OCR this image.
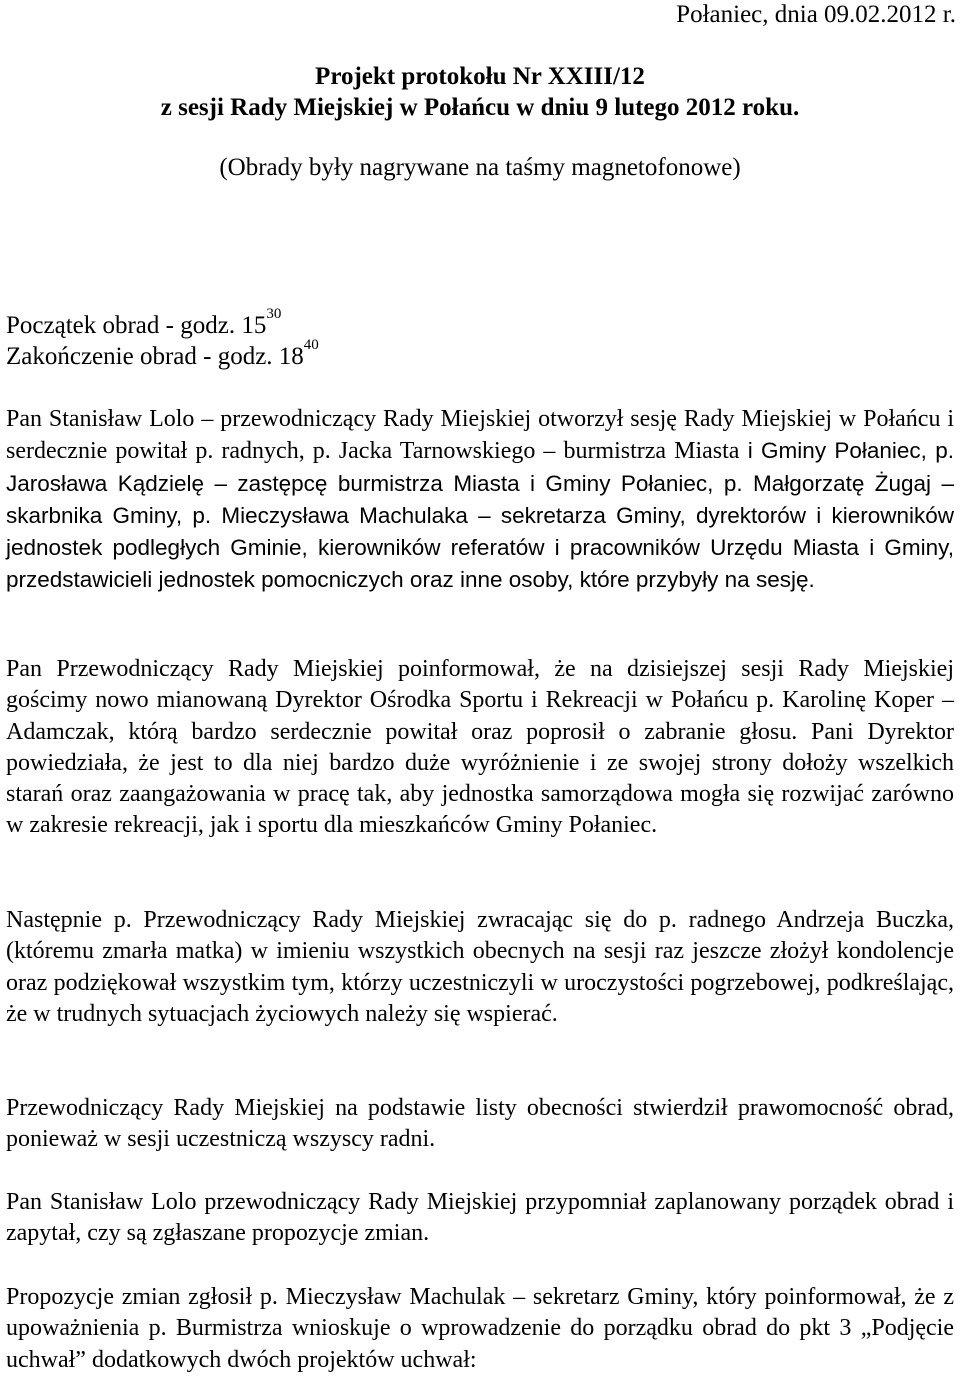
Połaniec, dnia 09.02.2012 r.
Projekt protokołu Nr XXIII/12
z sesji Rady Miejskiej w Połańcu w dniu 9 lutego 2012 roku.
(Obrady były nagrywane na taśmy magnetofonowe)
Początek obrad - godz. $15^{30}$
Zakończenie obrad - godz. $18^{40}$
Pan Stanisław Lolo – przewodniczący Rady Miejskiej otworzył sesję Rady Miejskiej w Połańcu i serdecznie powitał p. radnych, p. Jacka Tarnowskiego – burmistrza Miasta i Gminy Połaniec, p. Jarosława Kądzielę – zastępcę burmistrza Miasta i Gminy Połaniec, p. Małgorzatę Żugaj – skarbnika Gminy, p. Mieczysława Machulaka – sekretarza Gminy, dyrektorów i kierowników jednostek podległych Gminie, kierowników referatów i pracowników Urzędu Miasta i Gminy, przedstawicieli jednostek pomocniczych oraz inne osoby, które przybyły na sesję.
Pan Przewodniczący Rady Miejskiej poinformował, że na dzisiejszej sesji Rady Miejskiej gościmy nowo mianowaną Dyrektor Ośrodka Sportu i Rekreacji w Połańcu p. Karolinę Koper – Adamczak, którą bardzo serdecznie powitał oraz poprosił o zabranie głosu. Pani Dyrektor powiedziała, że jest to dla niej bardzo duże wyróżnienie i ze swojej strony dołoży wszelkich starań oraz zaangażowania w pracę tak, aby jednostka samorządowa mogła się rozwijać zarówno w zakresie rekreacji, jak i sportu dla mieszkańców Gminy Połaniec.
Następnie p. Przewodniczący Rady Miejskiej zwracając się do p. radnego Andrzeja Buczka, (któremu zmarła matka) w imieniu wszystkich obecnych na sesji raz jeszcze złożył kondolencje oraz podziękował wszystkim tym, którzy uczestniczyli w uroczystości pogrzebowej, podkreślając, że w trudnych sytuacjach życiowych należy się wspierać.
Przewodniczący Rady Miejskiej na podstawie listy obecności stwierdził prawomocność obrad, ponieważ w sesji uczestniczą wszyscy radni.
Pan Stanisław Lolo przewodniczący Rady Miejskiej przypomniał zaplanowany porządek obrad i zapytał, czy są zgłaszane propozycje zmian.
Propozycje zmian zgłosił p. Mieczysław Machulak – sekretarz Gminy, który poinformował, że z upoważnienia p. Burmistrza wnioskuje o wprowadzenie do porządku obrad do pkt 3 „Podjęcie uchwał” dodatkowych dwóch projektów uchwał:
